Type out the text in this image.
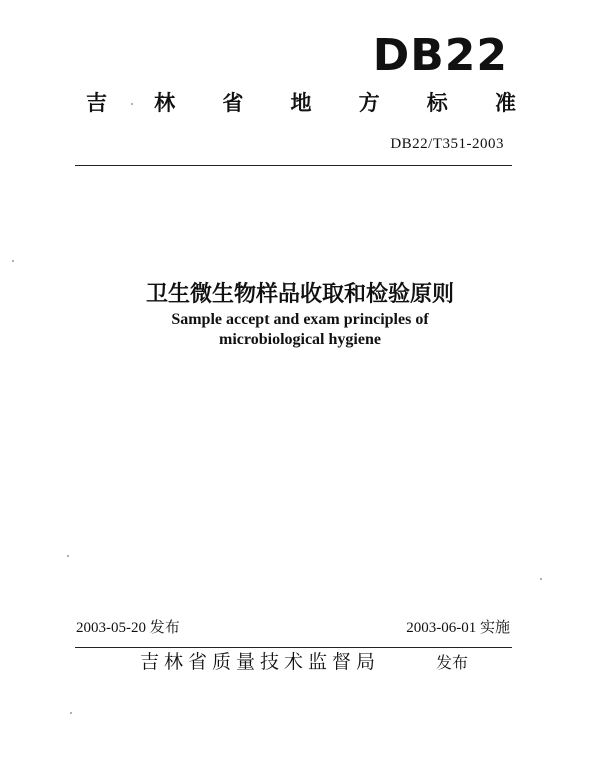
DB22
吉 林 省 地 方 标 准
DB22/T351-2003
卫生微生物样品收取和检验原则
Sample accept and exam principles of
microbiological hygiene
2003-05-20 发布	2003-06-01 实施
吉林省质量技术监督局	发布
